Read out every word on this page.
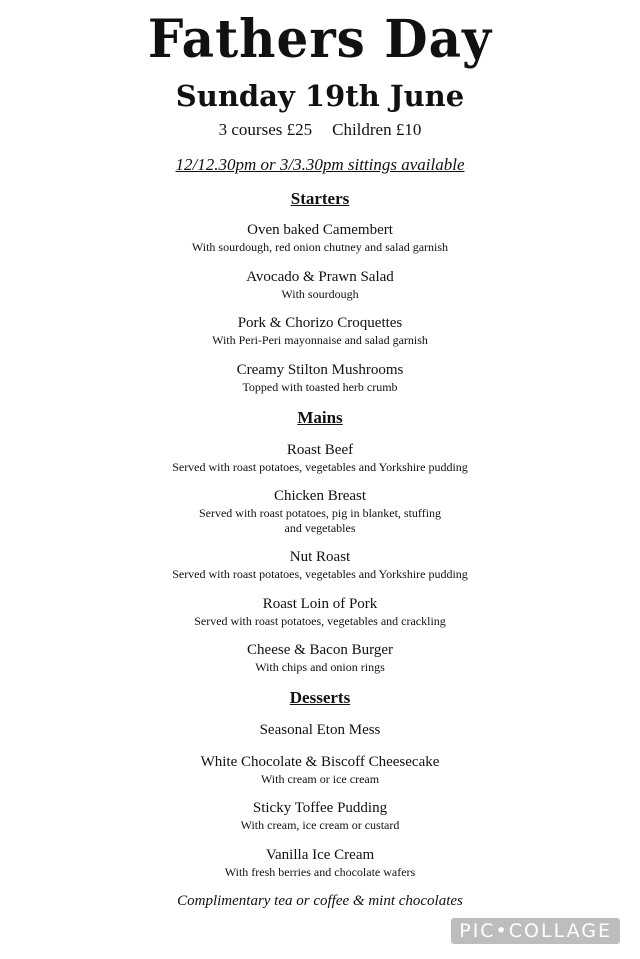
Fathers Day
Sunday 19th June
3 courses £25 Children £10
12/12.30pm or 3/3.30pm sittings available
Starters
Oven baked Camembert
With sourdough, red onion chutney and salad garnish
Avocado & Prawn Salad
With sourdough
Pork & Chorizo Croquettes
With Peri-Peri mayonnaise and salad garnish
Creamy Stilton Mushrooms
Topped with toasted herb crumb
Mains
Roast Beef
Served with roast potatoes, vegetables and Yorkshire pudding
Chicken Breast
Served with roast potatoes, pig in blanket, stuffing and vegetables
Nut Roast
Served with roast potatoes, vegetables and Yorkshire pudding
Roast Loin of Pork
Served with roast potatoes, vegetables and crackling
Cheese & Bacon Burger
With chips and onion rings
Desserts
Seasonal Eton Mess
White Chocolate & Biscoff Cheesecake
With cream or ice cream
Sticky Toffee Pudding
With cream, ice cream or custard
Vanilla Ice Cream
With fresh berries and chocolate wafers
Complimentary tea or coffee & mint chocolates
PIC•COLLAGE
